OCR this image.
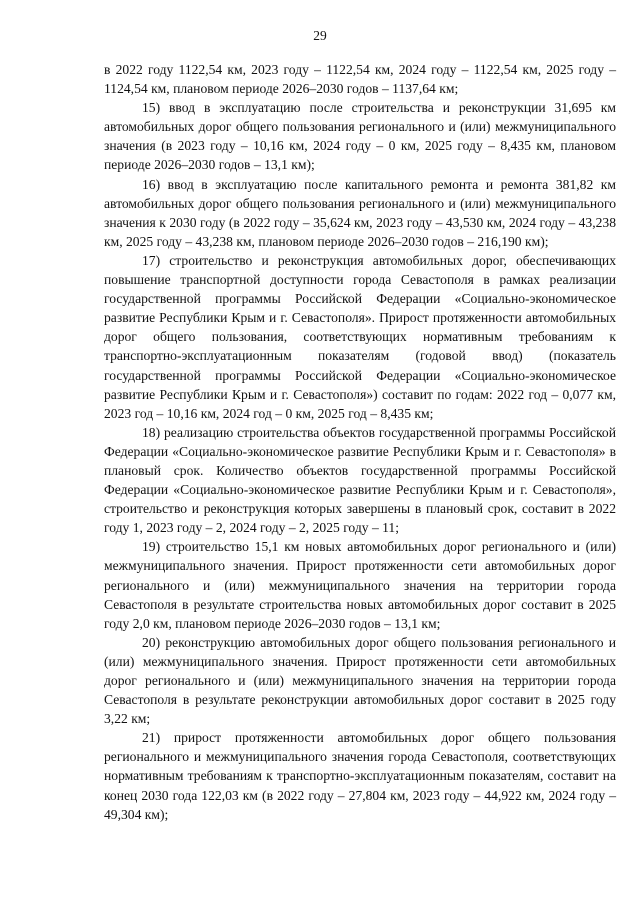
29

в 2022 году 1122,54 км, 2023 году – 1122,54 км, 2024 году – 1122,54 км, 2025 году – 1124,54 км, плановом периоде 2026–2030 годов – 1137,64 км;

15) ввод в эксплуатацию после строительства и реконструкции 31,695 км автомобильных дорог общего пользования регионального и (или) межмуниципального значения (в 2023 году – 10,16 км, 2024 году – 0 км, 2025 году – 8,435 км, плановом периоде 2026–2030 годов – 13,1 км);

16) ввод в эксплуатацию после капитального ремонта и ремонта 381,82 км автомобильных дорог общего пользования регионального и (или) межмуниципального значения к 2030 году (в 2022 году – 35,624 км, 2023 году – 43,530 км, 2024 году – 43,238 км, 2025 году – 43,238 км, плановом периоде 2026–2030 годов – 216,190 км);

17) строительство и реконструкция автомобильных дорог, обеспечивающих повышение транспортной доступности города Севастополя в рамках реализации государственной программы Российской Федерации «Социально-экономическое развитие Республики Крым и г. Севастополя». Прирост протяженности автомобильных дорог общего пользования, соответствующих нормативным требованиям к транспортно-эксплуатационным показателям (годовой ввод) (показатель государственной программы Российской Федерации «Социально-экономическое развитие Республики Крым и г. Севастополя») составит по годам: 2022 год – 0,077 км, 2023 год – 10,16 км, 2024 год – 0 км, 2025 год – 8,435 км;

18) реализацию строительства объектов государственной программы Российской Федерации «Социально-экономическое развитие Республики Крым и г. Севастополя» в плановый срок. Количество объектов государственной программы Российской Федерации «Социально-экономическое развитие Республики Крым и г. Севастополя», строительство и реконструкция которых завершены в плановый срок, составит в 2022 году 1, 2023 году – 2, 2024 году – 2, 2025 году – 11;

19) строительство 15,1 км новых автомобильных дорог регионального и (или) межмуниципального значения. Прирост протяженности сети автомобильных дорог регионального и (или) межмуниципального значения на территории города Севастополя в результате строительства новых автомобильных дорог составит в 2025 году 2,0 км, плановом периоде 2026–2030 годов – 13,1 км;

20) реконструкцию автомобильных дорог общего пользования регионального и (или) межмуниципального значения. Прирост протяженности сети автомобильных дорог регионального и (или) межмуниципального значения на территории города Севастополя в результате реконструкции автомобильных дорог составит в 2025 году 3,22 км;

21) прирост протяженности автомобильных дорог общего пользования регионального и межмуниципального значения города Севастополя, соответствующих нормативным требованиям к транспортно-эксплуатационным показателям, составит на конец 2030 года 122,03 км (в 2022 году – 27,804 км, 2023 году – 44,922 км, 2024 году – 49,304 км);
